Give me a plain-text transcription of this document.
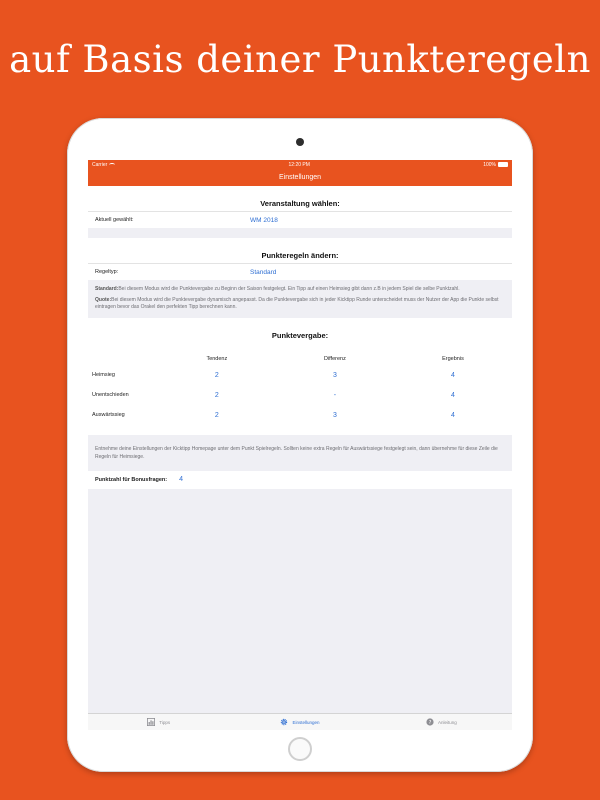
auf Basis deiner Punkteregeln
Carrier	12:20 PM	100%
Einstellungen
Veranstaltung wählen:
Aktuell gewählt:	WM 2018
Punkteregeln ändern:
Regeltyp:	Standard

Standard:Bei diesem Modus wird die Punktevergabe zu Beginn der Saison festgelegt. Ein Tipp auf einen Heimsieg gibt dann z.B in jedem Spiel die selbe Punktzahl.

Quote:Bei diesem Modus wird die Punktevergabe dynamisch angepasst. Da die Punktevergabe sich in jeder Kicktipp Runde unterscheidet muss der Nutzer der App die Punkte selbst eintragen bevor das Orakel den perfekten Tipp berechnen kann.

Punktevergabe:
Tendenz	Differenz	Ergebnis
Heimsieg	2	3	4
Unentschieden	2	-	4
Auswärtssieg	2	3	4
Entnehme deine Einstellungen der Kicktipp Homepage unter dem Punkt Spielregeln. Sollten keine extra Regeln für Auswärtssiege festgelegt sein, dann übernehme für diese Zeile die Regeln für Heimsiege.
Punktzahl für Bonusfragen: 4
Tipps	Einstellungen	? Anleitung
